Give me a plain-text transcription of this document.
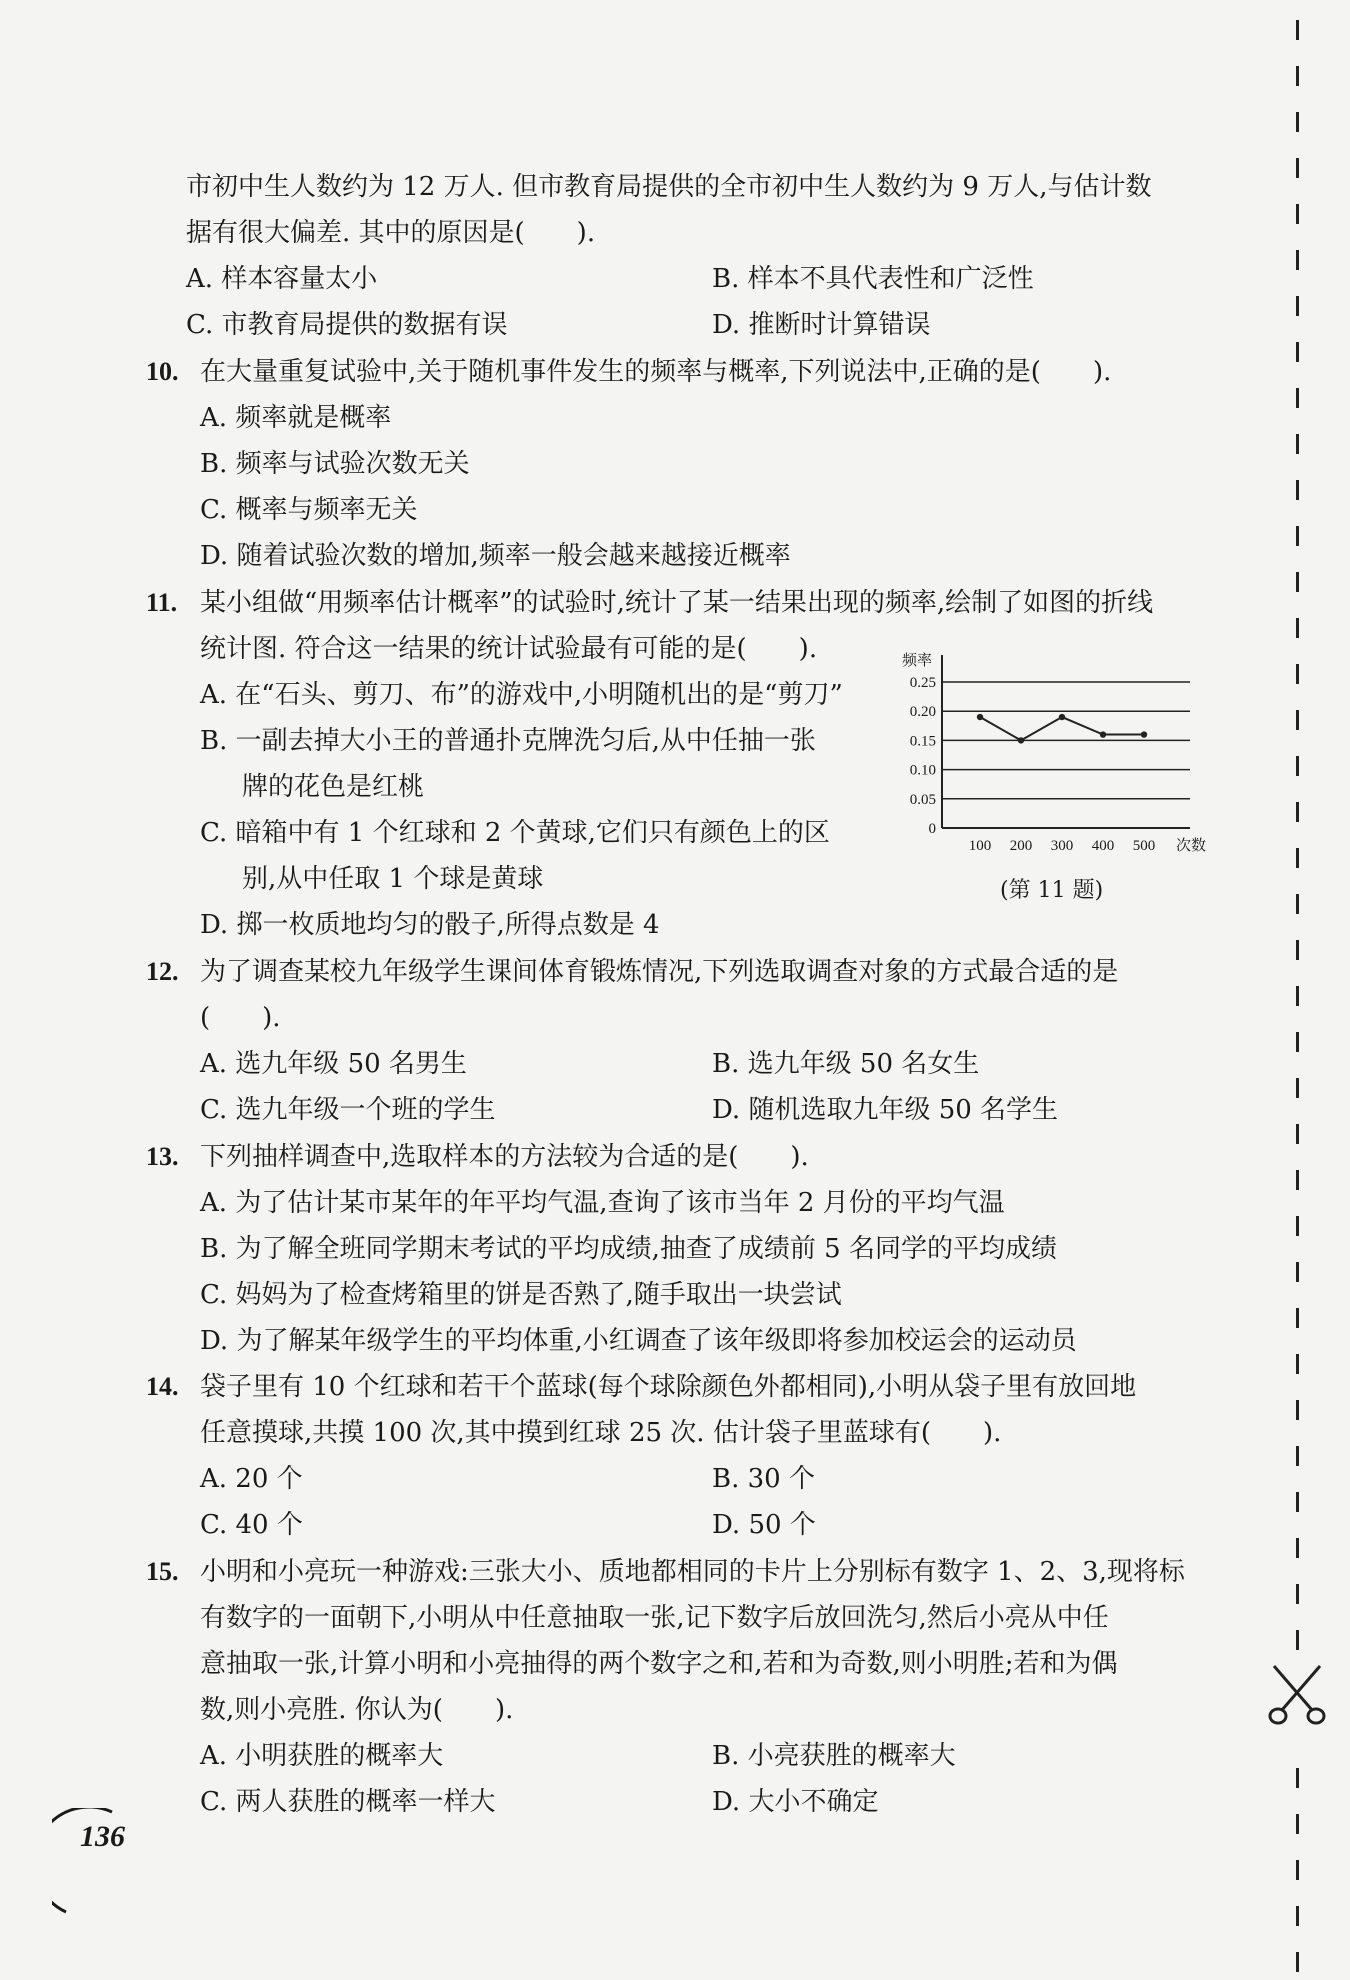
市初中生人数约为 12 万人. 但市教育局提供的全市初中生人数约为 9 万人,与估计数
据有很大偏差. 其中的原因是(　　).
A. 样本容量太小	B. 样本不具代表性和广泛性
C. 市教育局提供的数据有误	D. 推断时计算错误
10. 在大量重复试验中,关于随机事件发生的频率与概率,下列说法中,正确的是(　　).
A. 频率就是概率
B. 频率与试验次数无关
C. 概率与频率无关
D. 随着试验次数的增加,频率一般会越来越接近概率
11. 某小组做“用频率估计概率”的试验时,统计了某一结果出现的频率,绘制了如图的折线
统计图. 符合这一结果的统计试验最有可能的是(　　).
A. 在“石头、剪刀、布”的游戏中,小明随机出的是“剪刀”
B. 一副去掉大小王的普通扑克牌洗匀后,从中任抽一张
牌的花色是红桃
C. 暗箱中有 1 个红球和 2 个黄球,它们只有颜色上的区
别,从中任取 1 个球是黄球
D. 掷一枚质地均匀的骰子,所得点数是 4
0.25
0.20
0.15
0.10
0.05
0
频率
100 200 300 400 500 次数
(第 11 题)
12. 为了调查某校九年级学生课间体育锻炼情况,下列选取调查对象的方式最合适的是
(　　).
A. 选九年级 50 名男生	B. 选九年级 50 名女生
C. 选九年级一个班的学生	D. 随机选取九年级 50 名学生
13. 下列抽样调查中,选取样本的方法较为合适的是(　　).
A. 为了估计某市某年的年平均气温,查询了该市当年 2 月份的平均气温
B. 为了解全班同学期末考试的平均成绩,抽查了成绩前 5 名同学的平均成绩
C. 妈妈为了检查烤箱里的饼是否熟了,随手取出一块尝试
D. 为了解某年级学生的平均体重,小红调查了该年级即将参加校运会的运动员
14. 袋子里有 10 个红球和若干个蓝球(每个球除颜色外都相同),小明从袋子里有放回地
任意摸球,共摸 100 次,其中摸到红球 25 次. 估计袋子里蓝球有(　　).
A. 20 个	B. 30 个
C. 40 个	D. 50 个
15. 小明和小亮玩一种游戏:三张大小、质地都相同的卡片上分别标有数字 1、2、3,现将标
有数字的一面朝下,小明从中任意抽取一张,记下数字后放回洗匀,然后小亮从中任
意抽取一张,计算小明和小亮抽得的两个数字之和,若和为奇数,则小明胜;若和为偶
数,则小亮胜. 你认为(　　).
A. 小明获胜的概率大	B. 小亮获胜的概率大
C. 两人获胜的概率一样大	D. 大小不确定
136
